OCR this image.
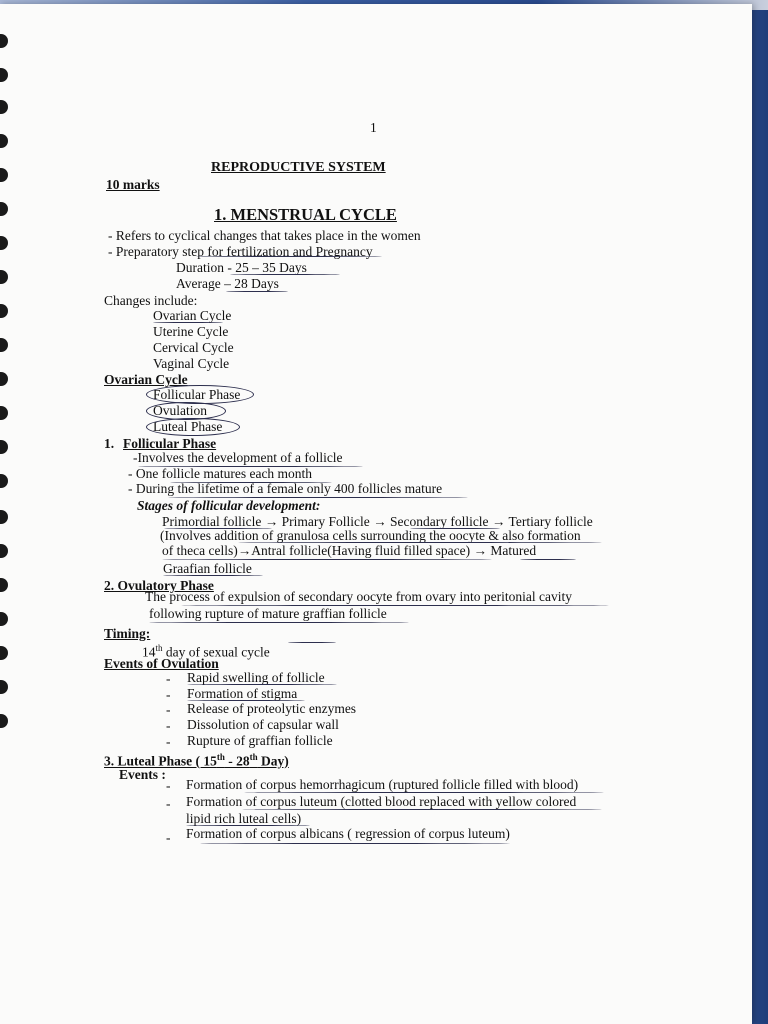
1
REPRODUCTIVE SYSTEM
10 marks
1. MENSTRUAL CYCLE
- Refers to cyclical changes that takes place in the women
- Preparatory step for fertilization and Pregnancy
Duration - 25 – 35 Days
Average – 28 Days
Changes include:
Ovarian Cycle
Uterine Cycle
Cervical Cycle
Vaginal Cycle
Ovarian Cycle
Follicular Phase
Ovulation
Luteal Phase
1. Follicular Phase
-Involves the development of a follicle
- One follicle matures each month
- During the lifetime of a female only 400 follicles mature
Stages of follicular development:
Primordial follicle → Primary Follicle → Secondary follicle → Tertiary follicle
(Involves addition of granulosa cells surrounding the oocyte & also formation
of theca cells)→Antral follicle(Having fluid filled space) → Matured
Graafian follicle
2. Ovulatory Phase
The process of expulsion of secondary oocyte from ovary into peritonial cavity
following rupture of mature graffian follicle
Timing:
14th day of sexual cycle
Events of Ovulation
- Rapid swelling of follicle
- Formation of stigma
- Release of proteolytic enzymes
- Dissolution of capsular wall
- Rupture of graffian follicle
3. Luteal Phase ( 15th - 28th Day)
Events :
- Formation of corpus hemorrhagicum (ruptured follicle filled with blood)
- Formation of corpus luteum (clotted blood replaced with yellow colored
lipid rich luteal cells)
- Formation of corpus albicans ( regression of corpus luteum)
